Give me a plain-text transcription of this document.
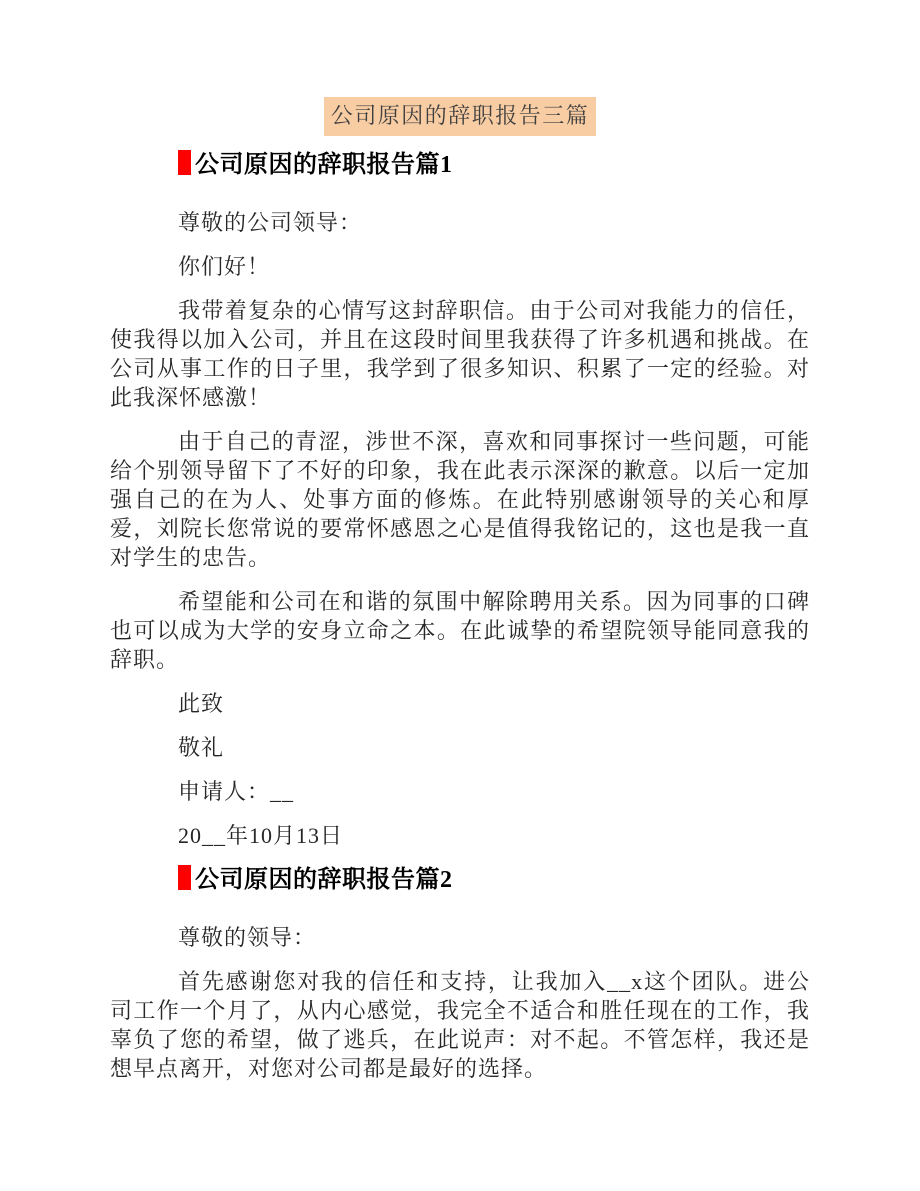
公司原因的辞职报告三篇
公司原因的辞职报告篇1

尊敬的公司领导：

你们好！

我带着复杂的心情写这封辞职信。由于公司对我能力的信任，使我得以加入公司，并且在这段时间里我获得了许多机遇和挑战。在公司从事工作的日子里，我学到了很多知识、积累了一定的经验。对此我深怀感激！

由于自己的青涩，涉世不深，喜欢和同事探讨一些问题，可能给个别领导留下了不好的印象，我在此表示深深的歉意。以后一定加强自己的在为人、处事方面的修炼。在此特别感谢领导的关心和厚爱，刘院长您常说的要常怀感恩之心是值得我铭记的，这也是我一直对学生的忠告。

希望能和公司在和谐的氛围中解除聘用关系。因为同事的口碑也可以成为大学的安身立命之本。在此诚挚的希望院领导能同意我的辞职。

此致

敬礼

申请人：__

20__年10月13日

公司原因的辞职报告篇2

尊敬的领导：

首先感谢您对我的信任和支持，让我加入__x这个团队。进公司工作一个月了，从内心感觉，我完全不适合和胜任现在的工作，我辜负了您的希望，做了逃兵，在此说声：对不起。不管怎样，我还是想早点离开，对您对公司都是最好的选择。
